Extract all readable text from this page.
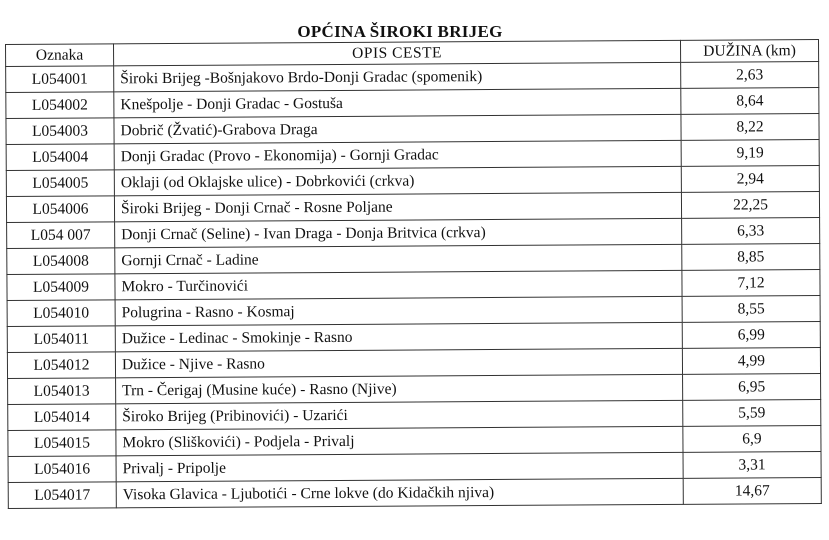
OPĆINA ŠIROKI BRIJEG
Oznaka	OPIS CESTE	DUŽINA (km)
L054001	Široki Brijeg -Bošnjakovo Brdo-Donji Gradac (spomenik)	2,63
L054002	Knešpolje - Donji Gradac - Gostuša	8,64
L054003	Dobrič (Žvatić)-Grabova Draga	8,22
L054004	Donji Gradac (Provo - Ekonomija) - Gornji Gradac	9,19
L054005	Oklaji (od Oklajske ulice) - Dobrkovići (crkva)	2,94
L054006	Široki Brijeg - Donji Crnač - Rosne Poljane	22,25
L054 007	Donji Crnač (Seline) - Ivan Draga - Donja Britvica (crkva)	6,33
L054008	Gornji Crnač - Ladine	8,85
L054009	Mokro - Turčinovići	7,12
L054010	Polugrina - Rasno - Kosmaj	8,55
L054011	Dužice - Ledinac - Smokinje - Rasno	6,99
L054012	Dužice - Njive - Rasno	4,99
L054013	Trn - Čerigaj (Musine kuće) - Rasno (Njive)	6,95
L054014	Široko Brijeg (Pribinovići) - Uzarići	5,59
L054015	Mokro (Sliškovići) - Podjela - Privalj	6,9
L054016	Privalj - Pripolje	3,31
L054017	Visoka Glavica - Ljubotići - Crne lokve (do Kidačkih njiva)	14,67
